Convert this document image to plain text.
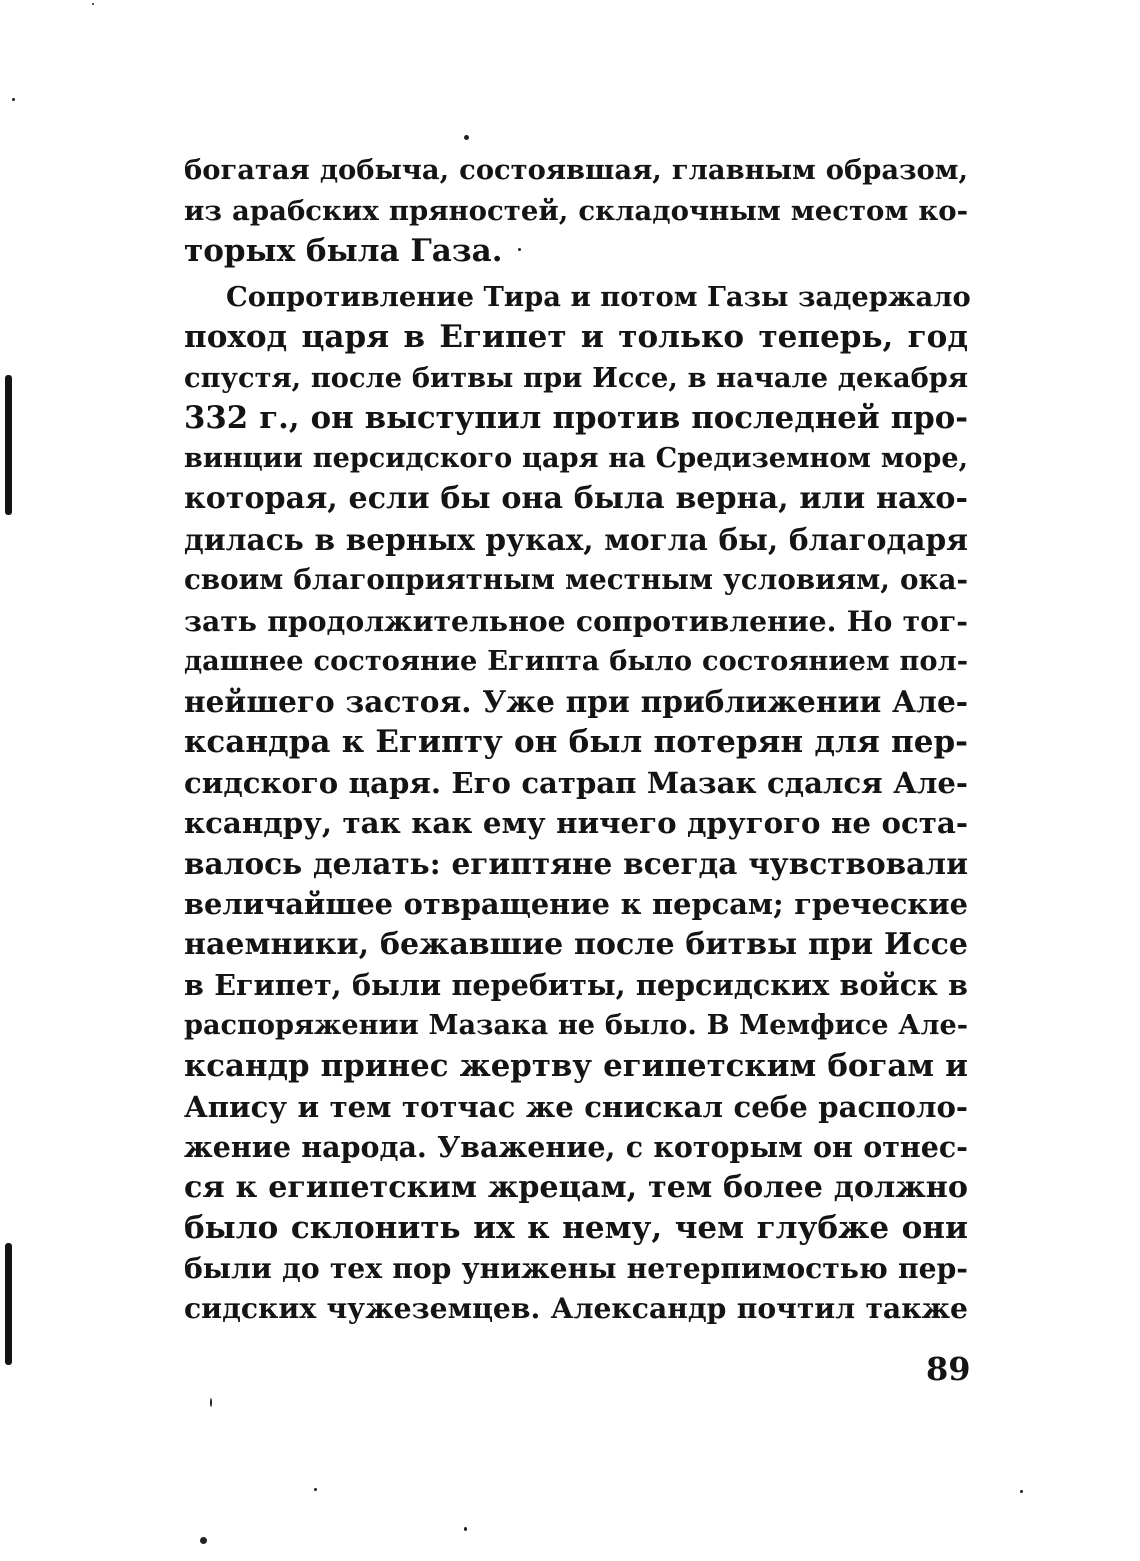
богатая добыча, состоявшая, главным образом,
из арабских пряностей, складочным местом ко-
торых была Газа.
Сопротивление Тира и потом Газы задержало
поход царя в Египет и только теперь, год
спустя, после битвы при Иссе, в начале декабря
332 г., он выступил против последней про-
винции персидского царя на Средиземном море,
которая, если бы она была верна, или нахо-
дилась в верных руках, могла бы, благодаря
своим благоприятным местным условиям, ока-
зать продолжительное сопротивление. Но тог-
дашнее состояние Египта было состоянием пол-
нейшего застоя. Уже при приближении Але-
ксандра к Египту он был потерян для пер-
сидского царя. Его сатрап Мазак сдался Але-
ксандру, так как ему ничего другого не оста-
валось делать: египтяне всегда чувствовали
величайшее отвращение к персам; греческие
наемники, бежавшие после битвы при Иссе
в Египет, были перебиты, персидских войск в
распоряжении Мазака не было. В Мемфисе Але-
ксандр принес жертву египетским богам и
Апису и тем тотчас же снискал себе располо-
жение народа. Уважение, с которым он отнес-
ся к египетским жрецам, тем более должно
было склонить их к нему, чем глубже они
были до тех пор унижены нетерпимостью пер-
сидских чужеземцев. Александр почтил также
89
